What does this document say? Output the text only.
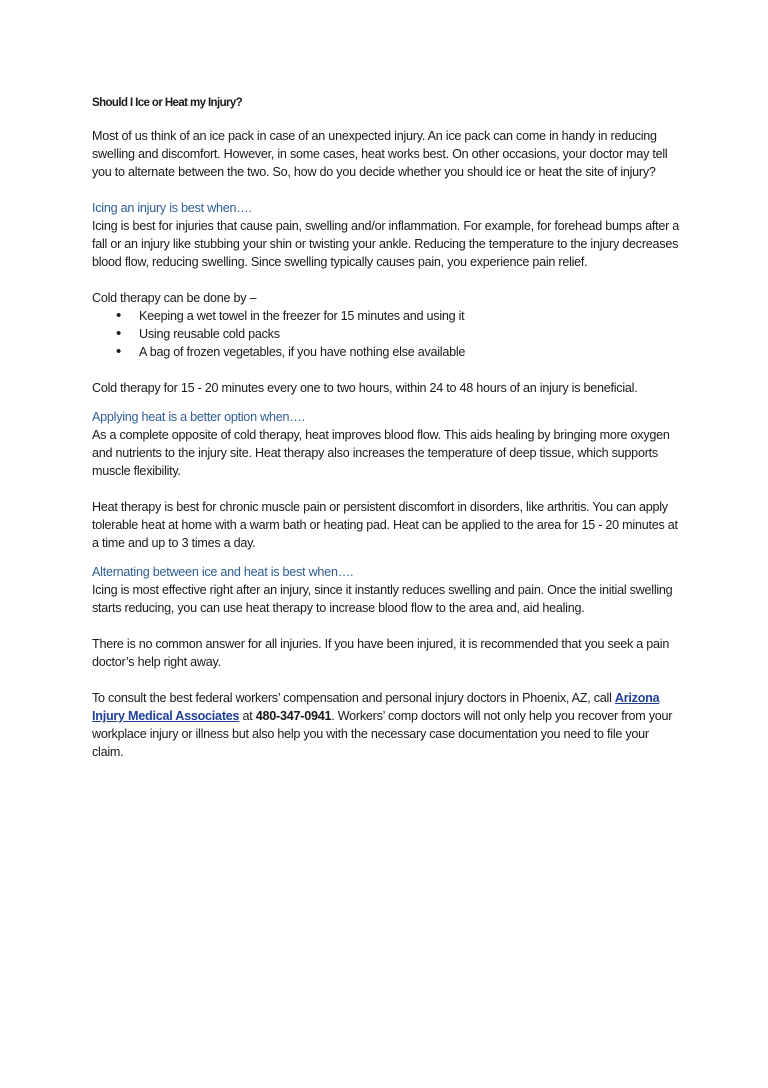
Should I Ice or Heat my Injury?

Most of us think of an ice pack in case of an unexpected injury. An ice pack can come in handy in reducing swelling and discomfort. However, in some cases, heat works best. On other occasions, your doctor may tell you to alternate between the two. So, how do you decide whether you should ice or heat the site of injury?

Icing an injury is best when….

Icing is best for injuries that cause pain, swelling and/or inflammation. For example, for forehead bumps after a fall or an injury like stubbing your shin or twisting your ankle. Reducing the temperature to the injury decreases blood flow, reducing swelling. Since swelling typically causes pain, you experience pain relief.

Cold therapy can be done by –

• Keeping a wet towel in the freezer for 15 minutes and using it
• Using reusable cold packs
• A bag of frozen vegetables, if you have nothing else available

Cold therapy for 15 - 20 minutes every one to two hours, within 24 to 48 hours of an injury is beneficial.

Applying heat is a better option when….

As a complete opposite of cold therapy, heat improves blood flow. This aids healing by bringing more oxygen and nutrients to the injury site. Heat therapy also increases the temperature of deep tissue, which supports muscle flexibility.

Heat therapy is best for chronic muscle pain or persistent discomfort in disorders, like arthritis. You can apply tolerable heat at home with a warm bath or heating pad. Heat can be applied to the area for 15 - 20 minutes at a time and up to 3 times a day.

Alternating between ice and heat is best when….

Icing is most effective right after an injury, since it instantly reduces swelling and pain. Once the initial swelling starts reducing, you can use heat therapy to increase blood flow to the area and, aid healing.

There is no common answer for all injuries. If you have been injured, it is recommended that you seek a pain doctor’s help right away.

To consult the best federal workers’ compensation and personal injury doctors in Phoenix, AZ, call Arizona Injury Medical Associates at 480-347-0941. Workers’ comp doctors will not only help you recover from your workplace injury or illness but also help you with the necessary case documentation you need to file your claim.
